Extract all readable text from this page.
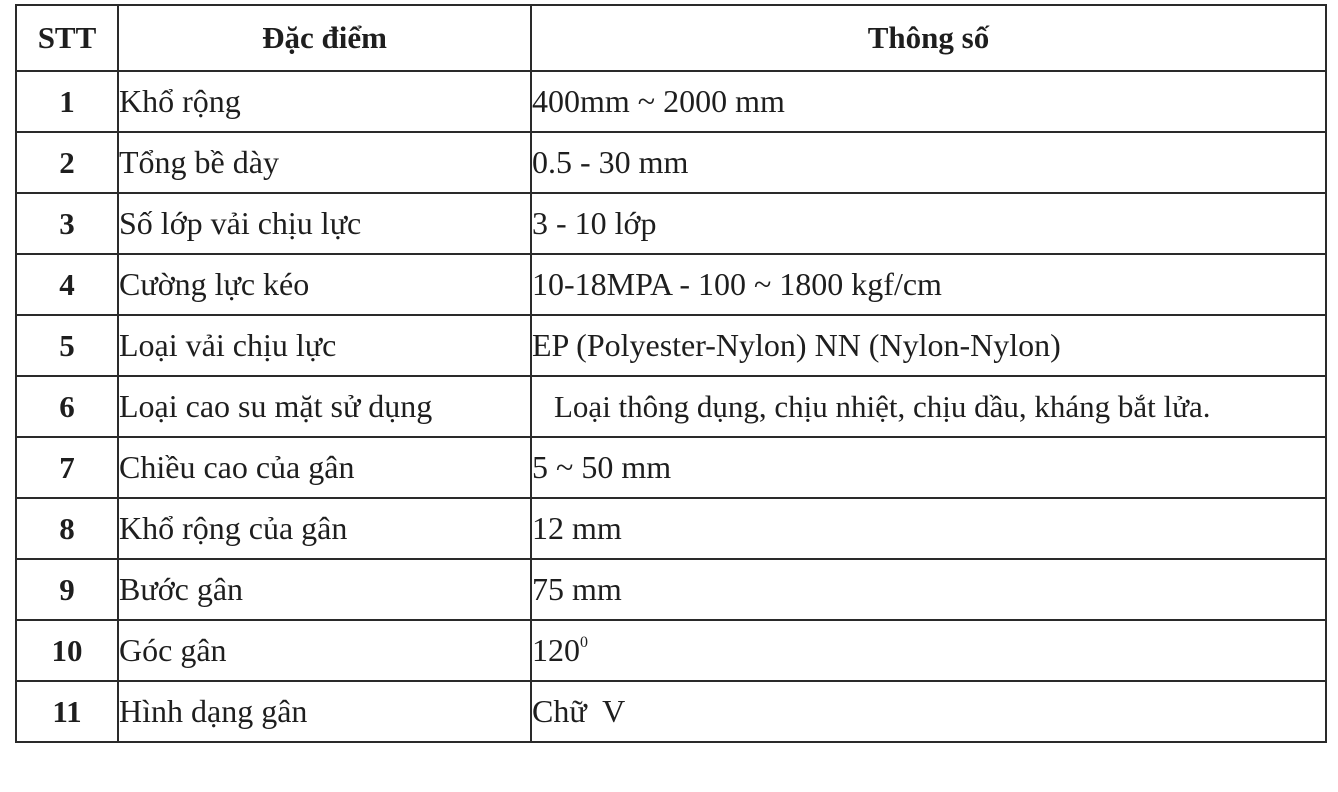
STT	Đặc điểm	Thông số
1	Khổ rộng	400mm ~ 2000 mm
2	Tổng bề dày	0.5 - 30 mm
3	Số lớp vải chịu lực	3 - 10 lớp
4	Cường lực kéo	10-18MPA - 100 ~ 1800 kgf/cm
5	Loại vải chịu lực	EP (Polyester-Nylon) NN (Nylon-Nylon)
6	Loại cao su mặt sử dụng	Loại thông dụng, chịu nhiệt, chịu dầu, kháng bắt lửa.
7	Chiều cao của gân	5 ~ 50 mm
8	Khổ rộng của gân	12 mm
9	Bước gân	75 mm
10	Góc gân	$120^0$
11	Hình dạng gân	Chữ  V
